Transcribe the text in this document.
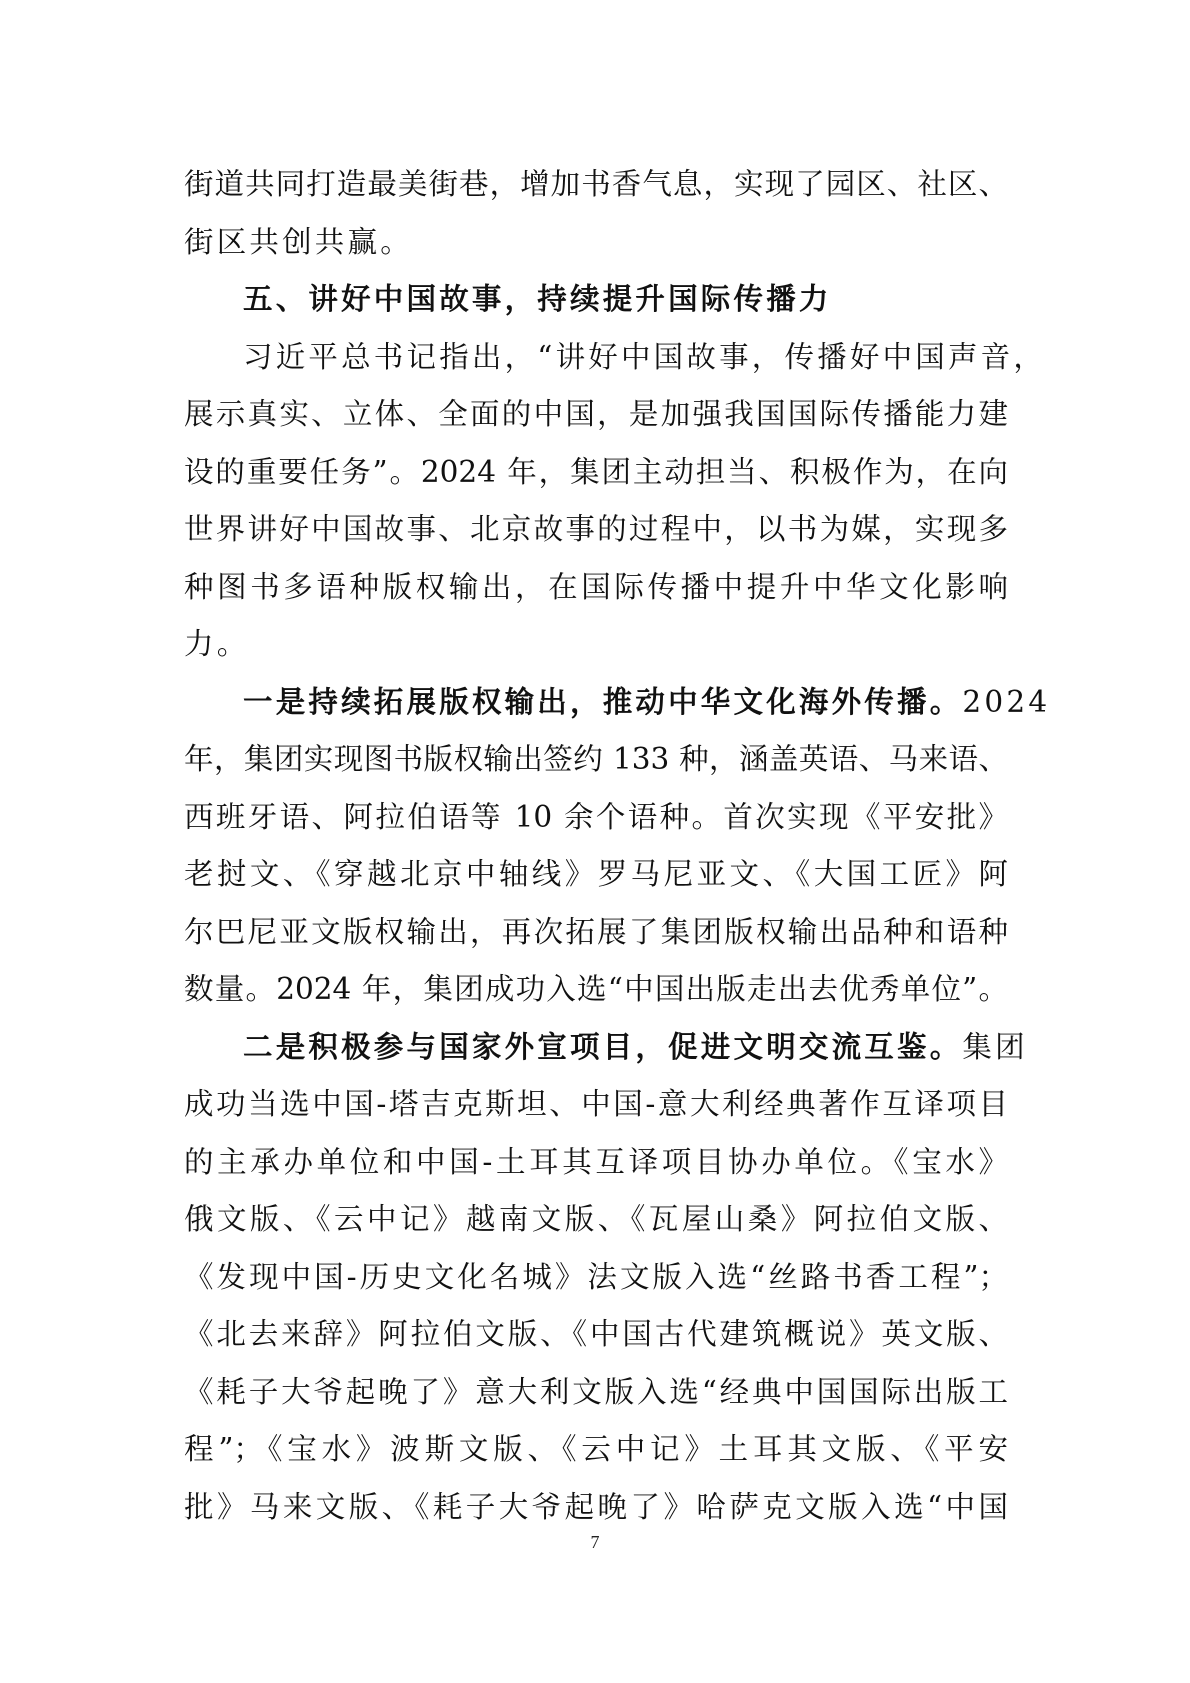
街道共同打造最美街巷，增加书香气息，实现了园区、社区、
街区共创共赢。
五、讲好中国故事，持续提升国际传播力
习近平总书记指出，“讲好中国故事，传播好中国声音，
展示真实、立体、全面的中国，是加强我国国际传播能力建
设的重要任务”。2024 年，集团主动担当、积极作为，在向
世界讲好中国故事、北京故事的过程中，以书为媒，实现多
种图书多语种版权输出，在国际传播中提升中华文化影响
力。
一是持续拓展版权输出，推动中华文化海外传播。2024
年，集团实现图书版权输出签约 133 种，涵盖英语、马来语、
西班牙语、阿拉伯语等 10 余个语种。首次实现《平安批》
老挝文、《穿越北京中轴线》罗马尼亚文、《大国工匠》阿
尔巴尼亚文版权输出，再次拓展了集团版权输出品种和语种
数量。2024 年，集团成功入选“中国出版走出去优秀单位”。
二是积极参与国家外宣项目，促进文明交流互鉴。集团
成功当选中国-塔吉克斯坦、中国-意大利经典著作互译项目
的主承办单位和中国-土耳其互译项目协办单位。《宝水》
俄文版、《云中记》越南文版、《瓦屋山桑》阿拉伯文版、
《发现中国-历史文化名城》法文版入选“丝路书香工程”；
《北去来辞》阿拉伯文版、《中国古代建筑概说》英文版、
《耗子大爷起晚了》意大利文版入选“经典中国国际出版工
程”；《宝水》波斯文版、《云中记》土耳其文版、《平安
批》马来文版、《耗子大爷起晚了》哈萨克文版入选“中国
7
